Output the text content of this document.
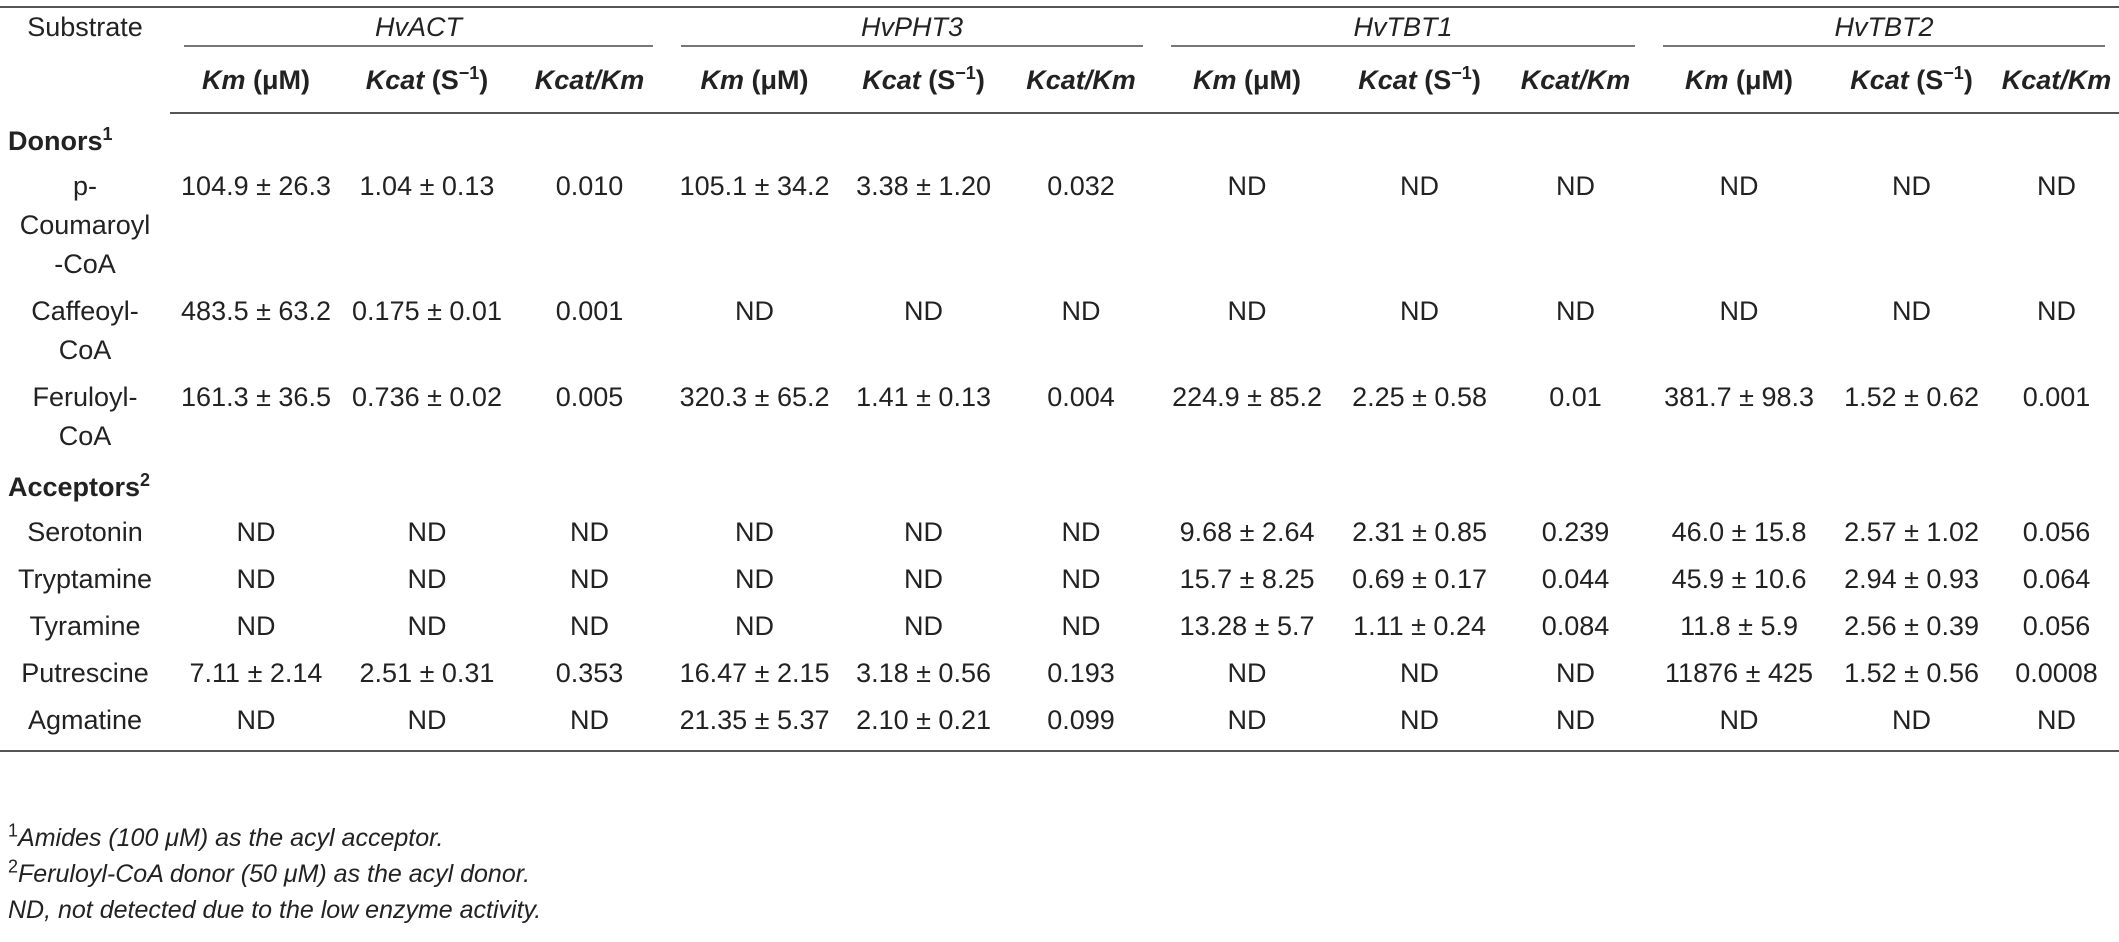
Substrate	HvACT			HvPHT3			HvTBT1			HvTBT2		

	Km (μM)	Kcat $(S^{-1})$	Kcat/Km	Km (μM)	Kcat $(S^{-1})$	Kcat/Km	Km (μM)	Kcat $(S^{-1})$	Kcat/Km	Km (μM)	Kcat $(S^{-1})$	Kcat/Km
Donors$^1$
p-
Coumaroyl
-CoA	104.9 ± 26.3	1.04 ± 0.13	0.010	105.1 ± 34.2	3.38 ± 1.20	0.032	ND	ND	ND	ND	ND	ND
Caffeoyl-
CoA	483.5 ± 63.2	0.175 ± 0.01	0.001	ND	ND	ND	ND	ND	ND	ND	ND	ND
Feruloyl-
CoA	161.3 ± 36.5	0.736 ± 0.02	0.005	320.3 ± 65.2	1.41 ± 0.13	0.004	224.9 ± 85.2	2.25 ± 0.58	0.01	381.7 ± 98.3	1.52 ± 0.62	0.001
Acceptors$^2$
Serotonin	ND	ND	ND	ND	ND	ND	9.68 ± 2.64	2.31 ± 0.85	0.239	46.0 ± 15.8	2.57 ± 1.02	0.056
Tryptamine	ND	ND	ND	ND	ND	ND	15.7 ± 8.25	0.69 ± 0.17	0.044	45.9 ± 10.6	2.94 ± 0.93	0.064
Tyramine	ND	ND	ND	ND	ND	ND	13.28 ± 5.7	1.11 ± 0.24	0.084	11.8 ± 5.9	2.56 ± 0.39	0.056
Putrescine	7.11 ± 2.14	2.51 ± 0.31	0.353	16.47 ± 2.15	3.18 ± 0.56	0.193	ND	ND	ND	11876 ± 425	1.52 ± 0.56	0.0008
Agmatine	ND	ND	ND	21.35 ± 5.37	2.10 ± 0.21	0.099	ND	ND	ND	ND	ND	ND
$^1$Amides (100 μM) as the acyl acceptor.
$^2$Feruloyl-CoA donor (50 μM) as the acyl donor.
ND, not detected due to the low enzyme activity.
